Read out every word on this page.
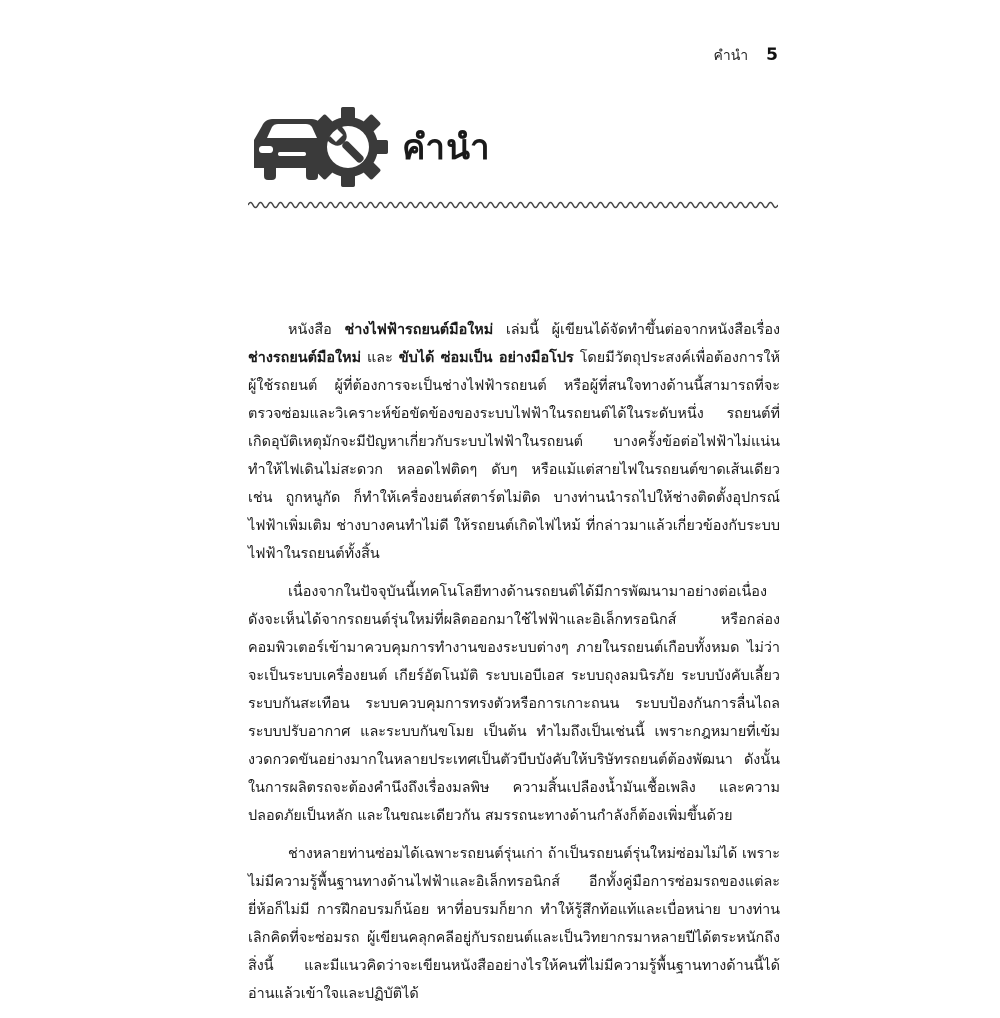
คำนำ 5
คำนำ

หนังสือ ช่างไฟฟ้ารถยนต์มือใหม่ เล่มนี้ ผู้เขียนได้จัดทำขึ้นต่อจากหนังสือเรื่อง ช่างรถยนต์มือใหม่ และ ขับได้ ซ่อมเป็น อย่างมือโปร โดยมีวัตถุประสงค์เพื่อต้องการให้ผู้ใช้รถยนต์ ผู้ที่ต้องการจะเป็นช่างไฟฟ้ารถยนต์ หรือผู้ที่สนใจทางด้านนี้สามารถที่จะตรวจซ่อมและวิเคราะห์ข้อขัดข้องของระบบไฟฟ้าในรถยนต์ได้ในระดับหนึ่ง รถยนต์ที่เกิดอุบัติเหตุมักจะมีปัญหาเกี่ยวกับระบบไฟฟ้าในรถยนต์ บางครั้งข้อต่อไฟฟ้าไม่แน่น ทำให้ไฟเดินไม่สะดวก หลอดไฟติดๆ ดับๆ หรือแม้แต่สายไฟในรถยนต์ขาดเส้นเดียว เช่น ถูกหนูกัด ก็ทำให้เครื่องยนต์สตาร์ตไม่ติด บางท่านนำรถไปให้ช่างติดตั้งอุปกรณ์ไฟฟ้าเพิ่มเติม ช่างบางคนทำไม่ดี ให้รถยนต์เกิดไฟไหม้ ที่กล่าวมาแล้วเกี่ยวข้องกับระบบไฟฟ้าในรถยนต์ทั้งสิ้น

เนื่องจากในปัจจุบันนี้เทคโนโลยีทางด้านรถยนต์ได้มีการพัฒนามาอย่างต่อเนื่อง ดังจะเห็นได้จากรถยนต์รุ่นใหม่ที่ผลิตออกมาใช้ไฟฟ้าและอิเล็กทรอนิกส์ หรือกล่องคอมพิวเตอร์เข้ามาควบคุมการทำงานของระบบต่างๆ ภายในรถยนต์เกือบทั้งหมด ไม่ว่าจะเป็นระบบเครื่องยนต์ เกียร์อัตโนมัติ ระบบเอบีเอส ระบบถุงลมนิรภัย ระบบบังคับเลี้ยว ระบบกันสะเทือน ระบบควบคุมการทรงตัวหรือการเกาะถนน ระบบป้องกันการลื่นไถล ระบบปรับอากาศ และระบบกันขโมย เป็นต้น ทำไมถึงเป็นเช่นนี้ เพราะกฎหมายที่เข้มงวดกวดขันอย่างมากในหลายประเทศเป็นตัวบีบบังคับให้บริษัทรถยนต์ต้องพัฒนา ดังนั้นในการผลิตรถจะต้องคำนึงถึงเรื่องมลพิษ ความสิ้นเปลืองน้ำมันเชื้อเพลิง และความปลอดภัยเป็นหลัก และในขณะเดียวกัน สมรรถนะทางด้านกำลังก็ต้องเพิ่มขึ้นด้วย

ช่างหลายท่านซ่อมได้เฉพาะรถยนต์รุ่นเก่า ถ้าเป็นรถยนต์รุ่นใหม่ซ่อมไม่ได้ เพราะไม่มีความรู้พื้นฐานทางด้านไฟฟ้าและอิเล็กทรอนิกส์ อีกทั้งคู่มือการซ่อมรถของแต่ละยี่ห้อก็ไม่มี การฝึกอบรมก็น้อย หาที่อบรมก็ยาก ทำให้รู้สึกท้อแท้และเบื่อหน่าย บางท่านเลิกคิดที่จะซ่อมรถ ผู้เขียนคลุกคลีอยู่กับรถยนต์และเป็นวิทยากรมาหลายปีได้ตระหนักถึงสิ่งนี้ และมีแนวคิดว่าจะเขียนหนังสืออย่างไรให้คนที่ไม่มีความรู้พื้นฐานทางด้านนี้ได้อ่านแล้วเข้าใจและปฏิบัติได้
